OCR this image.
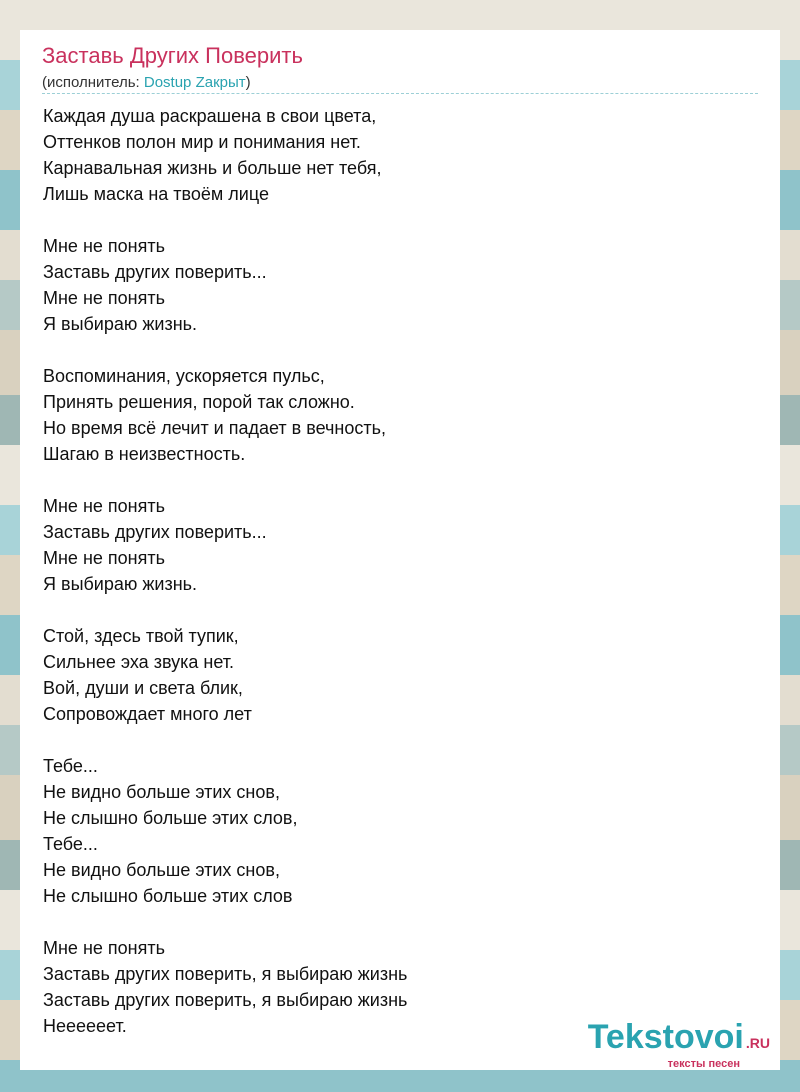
Заставь Других Поверить
(исполнитель: Dostup Zакрыт)
Каждая душа раскрашена в свои цвета,
Оттенков полон мир и понимания нет.
Карнавальная жизнь и больше нет тебя,
Лишь маска на твоём лице
Мне не понять
Заставь других поверить...
Мне не понять
Я выбираю жизнь.
Воспоминания, ускоряется пульс,
Принять решения, порой так сложно.
Но время всё лечит и падает в вечность,
Шагаю в неизвестность.
Мне не понять
Заставь других поверить...
Мне не понять
Я выбираю жизнь.
Стой, здесь твой тупик,
Сильнее эха звука нет.
Вой, души и света блик,
Сопровождает много лет
Тебе...
Не видно больше этих снов,
Не слышно больше этих слов,
Тебе...
Не видно больше этих снов,
Не слышно больше этих слов
Мне не понять
Заставь других поверить, я выбираю жизнь
Заставь других поверить, я выбираю жизнь
Неееееет.	Tekstovoi .RU
тексты песен
